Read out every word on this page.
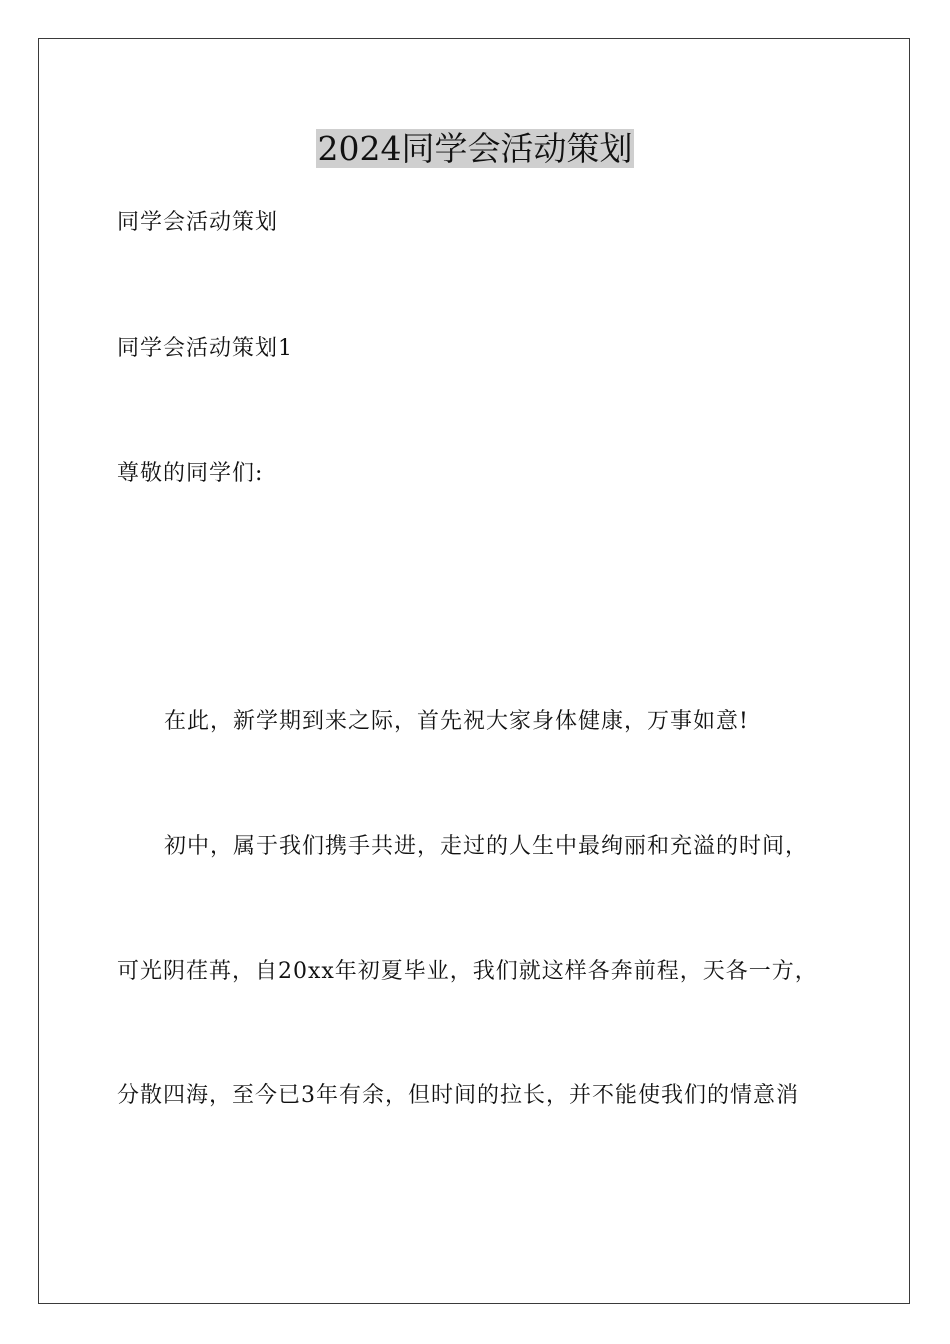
2024同学会活动策划

同学会活动策划

同学会活动策划1

尊敬的同学们:

在此，新学期到来之际，首先祝大家身体健康，万事如意!

初中，属于我们携手共进，走过的人生中最绚丽和充溢的时间，

可光阴荏苒，自20xx年初夏毕业，我们就这样各奔前程，天各一方，

分散四海，至今已3年有余，但时间的拉长，并不能使我们的情意消
